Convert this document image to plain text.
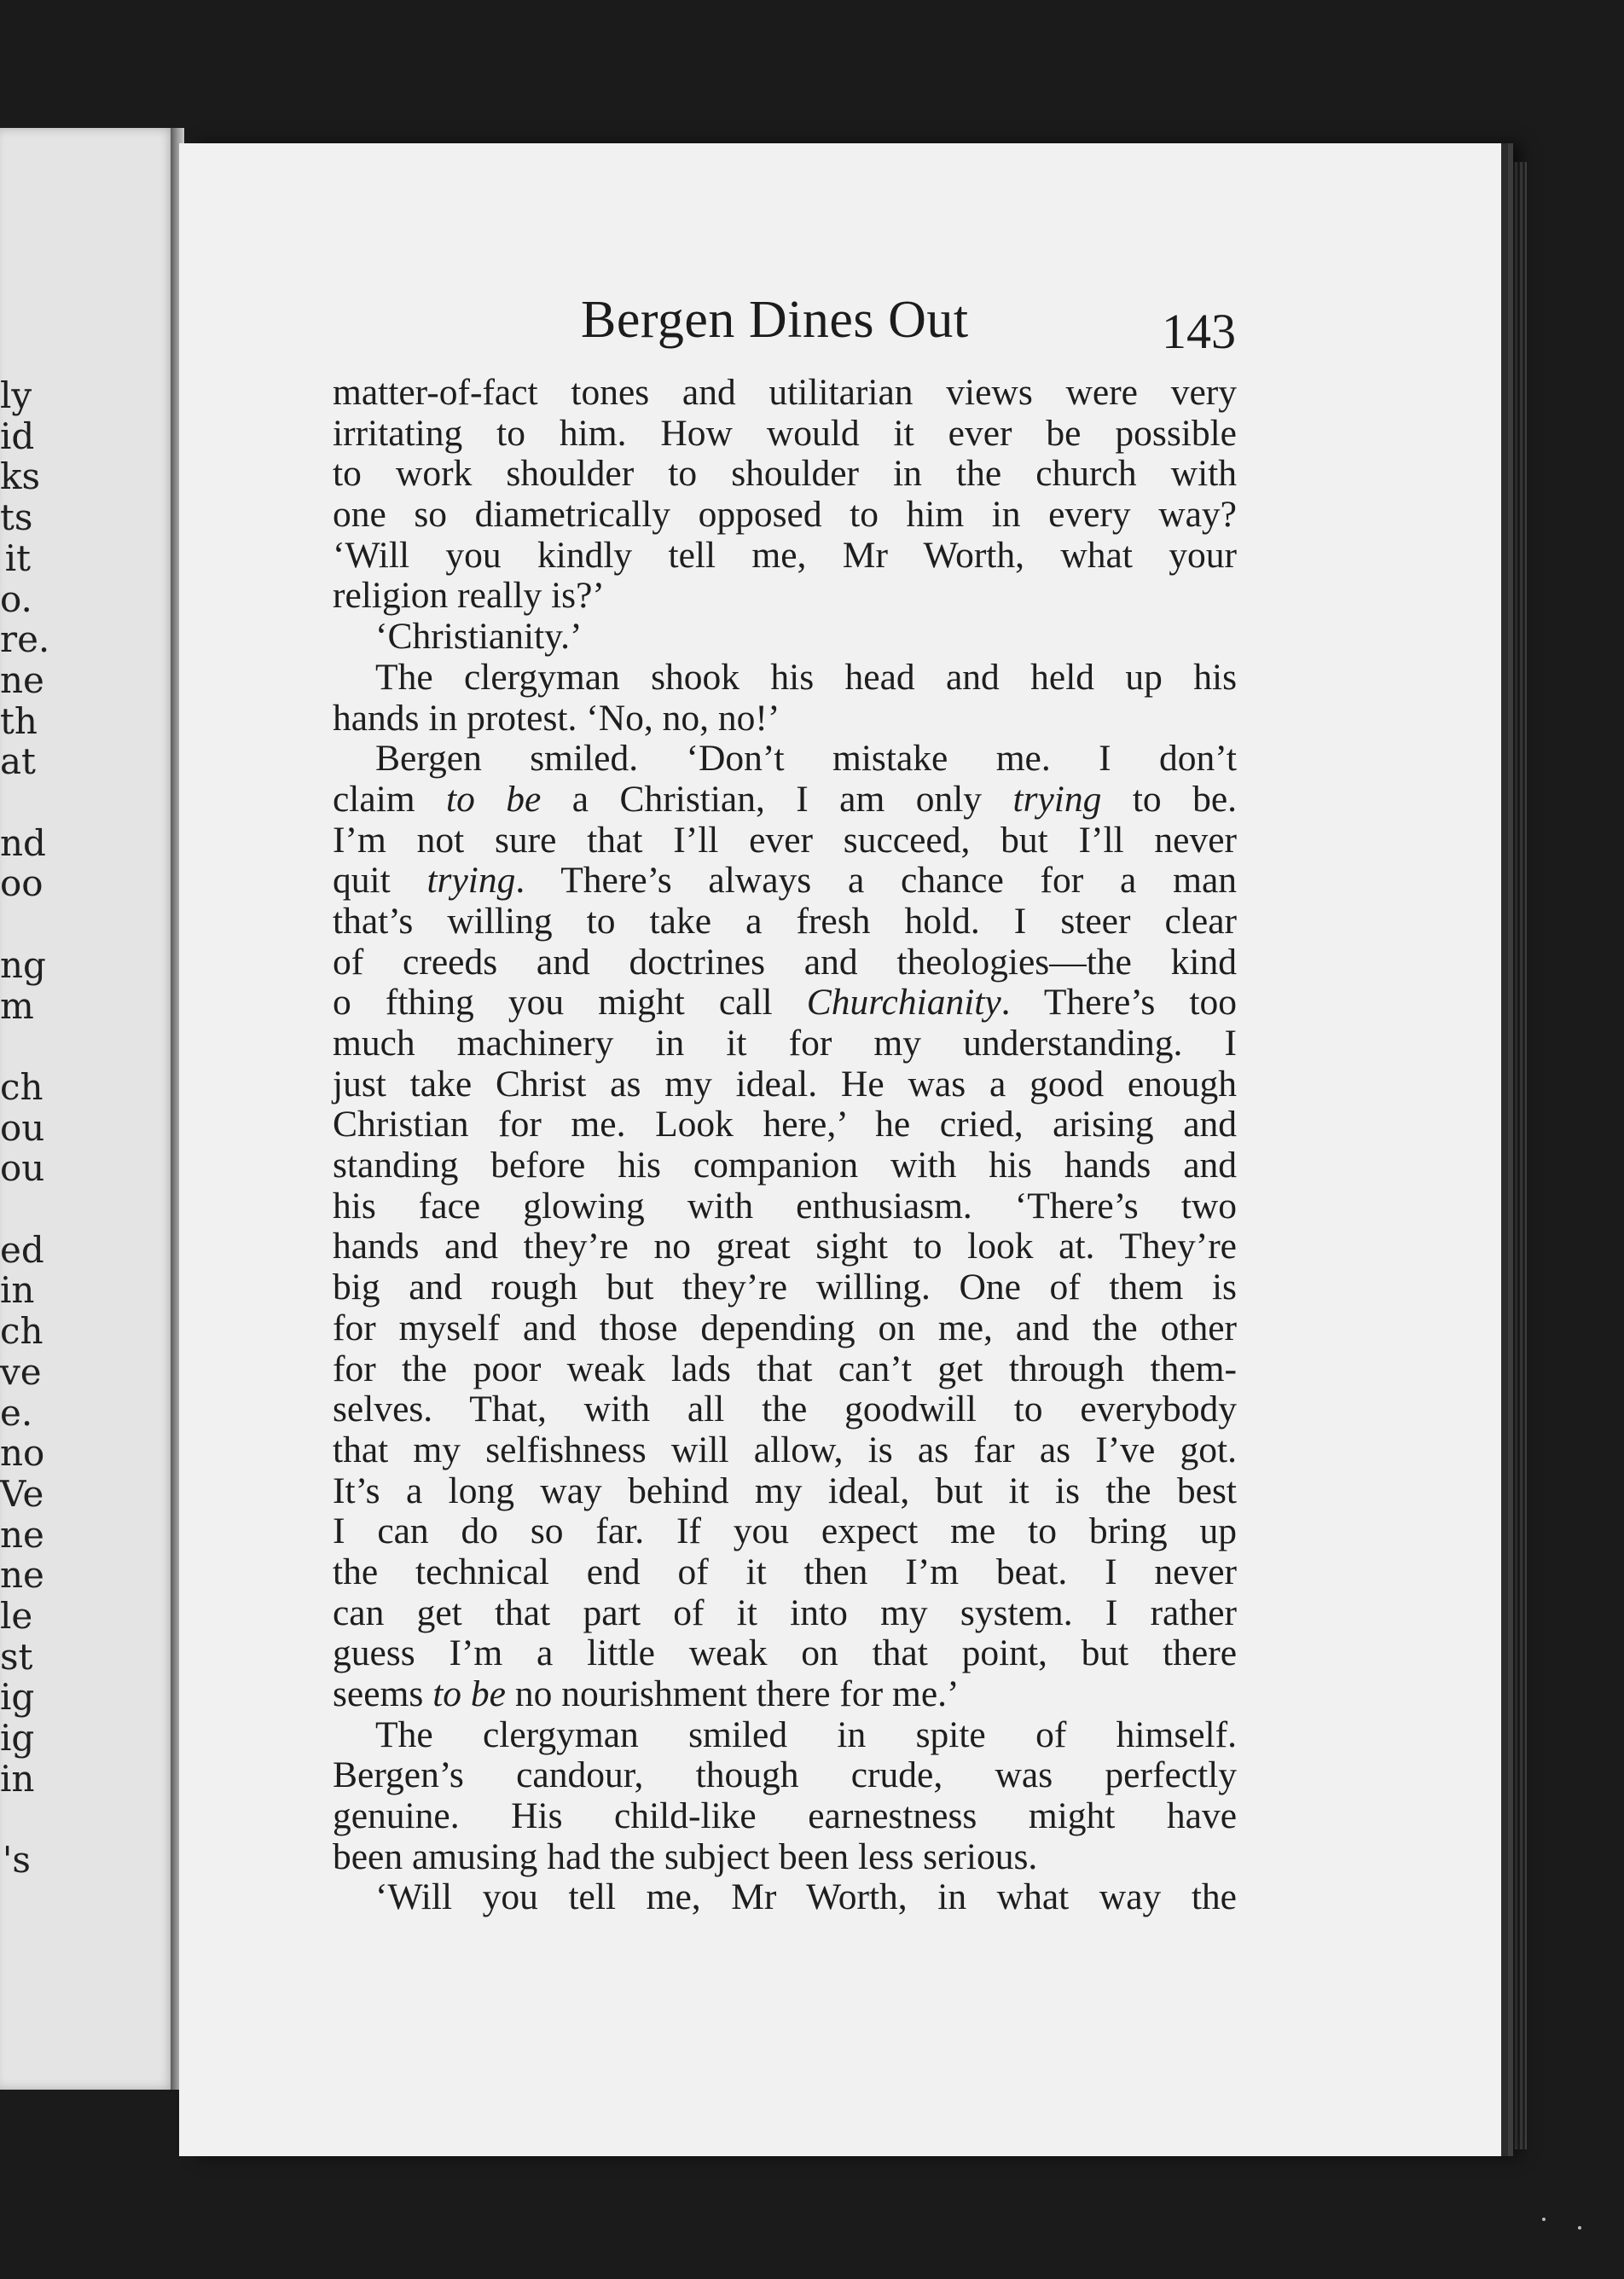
ly
id
ks
ts
it
o.
re.
ne
th
at
nd
oo
ng
m
ch
ou
ou
ed
in
ch
ve
e.
no
Ve
ne
ne
le
st
ig
ig
in
's
Bergen Dines Out	143
matter-of-fact tones and utilitarian views were very
irritating to him. How would it ever be possible
to work shoulder to shoulder in the church with
one so diametrically opposed to him in every way?
‘Will you kindly tell me, Mr Worth, what your
religion really is?’
‘Christianity.’
The clergyman shook his head and held up his
hands in protest. ‘No, no, no!’
Bergen smiled. ‘Don’t mistake me. I don’t
claim to be a Christian, I am only trying to be.
I’m not sure that I’ll ever succeed, but I’ll never
quit trying. There’s always a chance for a man
that’s willing to take a fresh hold. I steer clear
of creeds and doctrines and theologies—the kind
o fthing you might call Churchianity. There’s too
much machinery in it for my understanding. I
just take Christ as my ideal. He was a good enough
Christian for me. Look here,’ he cried, arising and
standing before his companion with his hands and
his face glowing with enthusiasm. ‘There’s two
hands and they’re no great sight to look at. They’re
big and rough but they’re willing. One of them is
for myself and those depending on me, and the other
for the poor weak lads that can’t get through them-
selves. That, with all the goodwill to everybody
that my selfishness will allow, is as far as I’ve got.
It’s a long way behind my ideal, but it is the best
I can do so far. If you expect me to bring up
the technical end of it then I’m beat. I never
can get that part of it into my system. I rather
guess I’m a little weak on that point, but there
seems to be no nourishment there for me.’
The clergyman smiled in spite of himself.
Bergen’s candour, though crude, was perfectly
genuine. His child-like earnestness might have
been amusing had the subject been less serious.
‘Will you tell me, Mr Worth, in what way the
